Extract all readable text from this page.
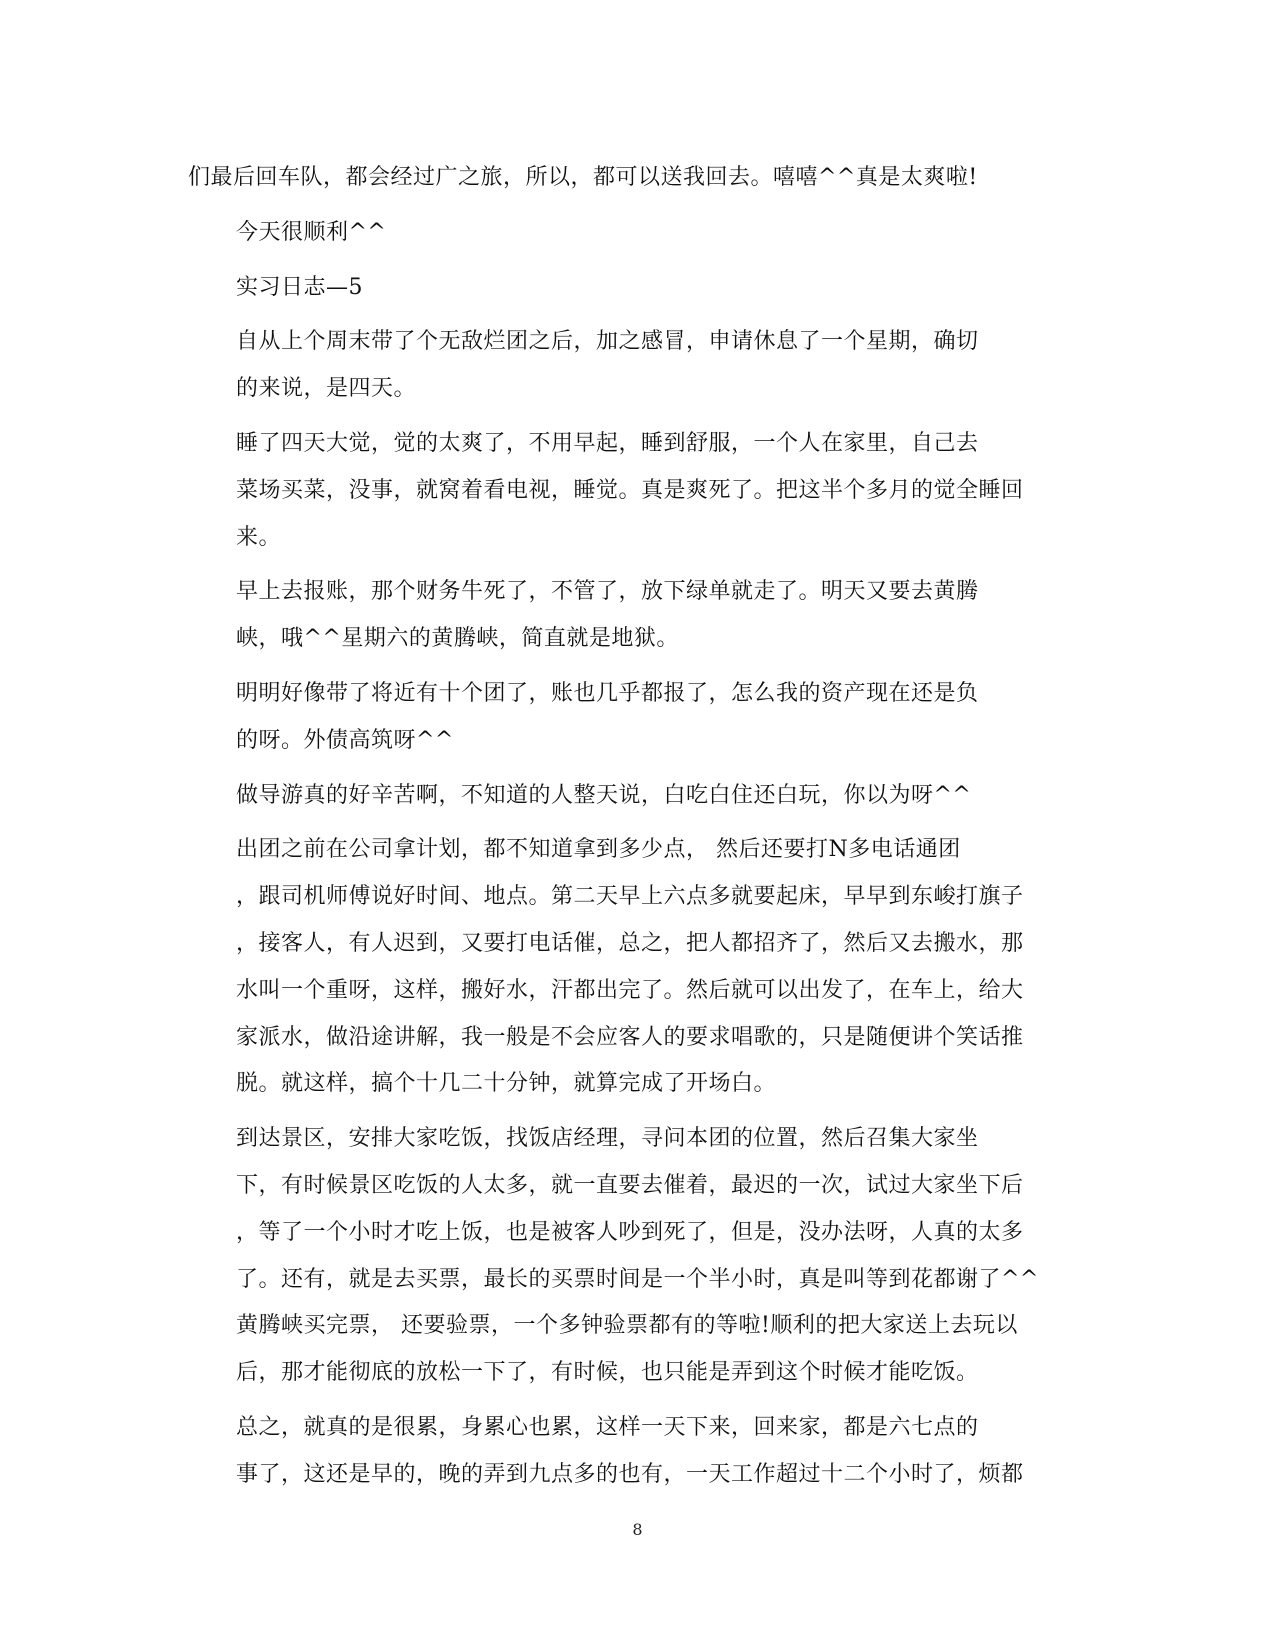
们最后回车队，都会经过广之旅，所以，都可以送我回去。嘻嘻^^真是太爽啦!

今天很顺利^^

实习日志—5

自从上个周末带了个无敌烂团之后，加之感冒，申请休息了一个星期，确切
的来说，是四天。

睡了四天大觉，觉的太爽了，不用早起，睡到舒服，一个人在家里，自己去
菜场买菜，没事，就窝着看电视，睡觉。真是爽死了。把这半个多月的觉全睡回
来。

早上去报账，那个财务牛死了，不管了，放下绿单就走了。明天又要去黄腾
峡，哦^^星期六的黄腾峡，简直就是地狱。

明明好像带了将近有十个团了，账也几乎都报了，怎么我的资产现在还是负
的呀。外债高筑呀^^

做导游真的好辛苦啊，不知道的人整天说，白吃白住还白玩，你以为呀^^

出团之前在公司拿计划，都不知道拿到多少点， 然后还要打N多电话通团
，跟司机师傅说好时间、地点。第二天早上六点多就要起床，早早到东峻打旗子
，接客人，有人迟到，又要打电话催，总之，把人都招齐了，然后又去搬水，那
水叫一个重呀，这样，搬好水，汗都出完了。然后就可以出发了，在车上，给大
家派水，做沿途讲解，我一般是不会应客人的要求唱歌的，只是随便讲个笑话推
脱。就这样，搞个十几二十分钟，就算完成了开场白。

到达景区，安排大家吃饭，找饭店经理，寻问本团的位置，然后召集大家坐
下，有时候景区吃饭的人太多，就一直要去催着，最迟的一次，试过大家坐下后
，等了一个小时才吃上饭，也是被客人吵到死了，但是，没办法呀，人真的太多
了。还有，就是去买票，最长的买票时间是一个半小时，真是叫等到花都谢了^^
黄腾峡买完票， 还要验票，一个多钟验票都有的等啦!顺利的把大家送上去玩以
后，那才能彻底的放松一下了，有时候，也只能是弄到这个时候才能吃饭。

总之，就真的是很累，身累心也累，这样一天下来，回来家，都是六七点的
事了，这还是早的，晚的弄到九点多的也有，一天工作超过十二个小时了，烦都

8
